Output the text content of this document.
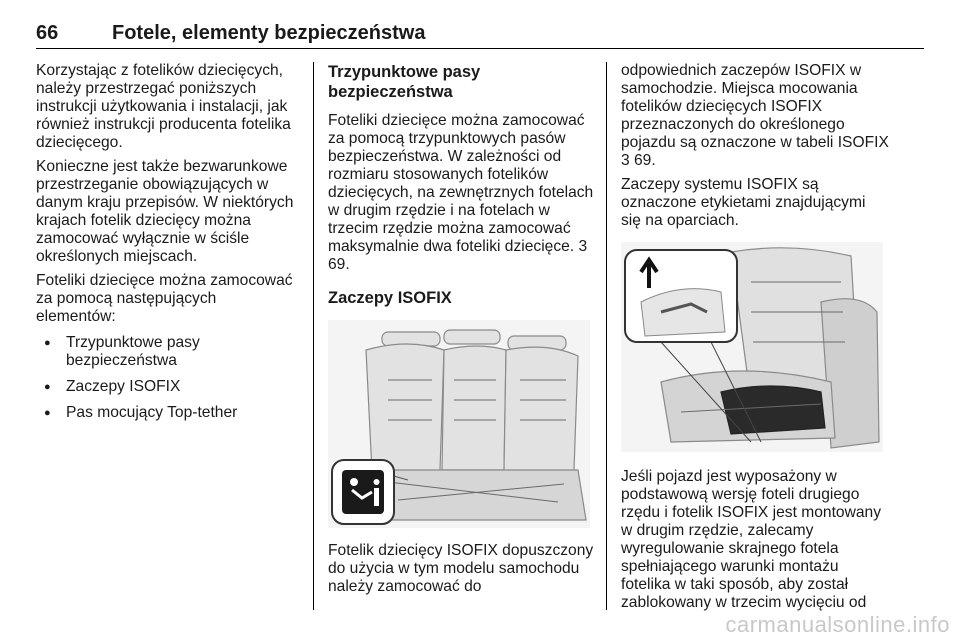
66	Fotele, elementy bezpieczeństwa

Korzystając z fotelików dziecięcych, należy przestrzegać poniższych instrukcji użytkowania i instalacji, jak również instrukcji producenta fotelika dziecięcego.

Konieczne jest także bezwarunkowe przestrzeganie obowiązujących w danym kraju przepisów. W niektórych krajach fotelik dziecięcy można zamocować wyłącznie w ściśle określonych miejscach.

Foteliki dziecięce można zamocować za pomocą następujących elementów:

● Trzypunktowe pasy bezpieczeństwa
● Zaczepy ISOFIX
● Pas mocujący Top-tether
Trzypunktowe pasy bezpieczeństwa

Foteliki dziecięce można zamocować za pomocą trzypunktowych pasów bezpieczeństwa. W zależności od rozmiaru stosowanych fotelików dziecięcych, na zewnętrznych fotelach w drugim rzędzie i na fotelach w trzecim rzędzie można zamocować maksymalnie dwa foteliki dziecięce. 3 69.

Zaczepy ISOFIX

Fotelik dziecięcy ISOFIX dopuszczony do użycia w tym modelu samochodu należy zamocować do

odpowiednich zaczepów ISOFIX w samochodzie. Miejsca mocowania fotelików dziecięcych ISOFIX przeznaczonych do określonego pojazdu są oznaczone w tabeli ISOFIX 3 69.

Zaczepy systemu ISOFIX są oznaczone etykietami znajdującymi się na oparciach.

Jeśli pojazd jest wyposażony w podstawową wersję foteli drugiego rzędu i fotelik ISOFIX jest montowany w drugim rzędzie, zalecamy wyregulowanie skrajnego fotela spełniającego warunki montażu fotelika w taki sposób, aby został zablokowany w trzecim wycięciu od

carmanualsonline.info
